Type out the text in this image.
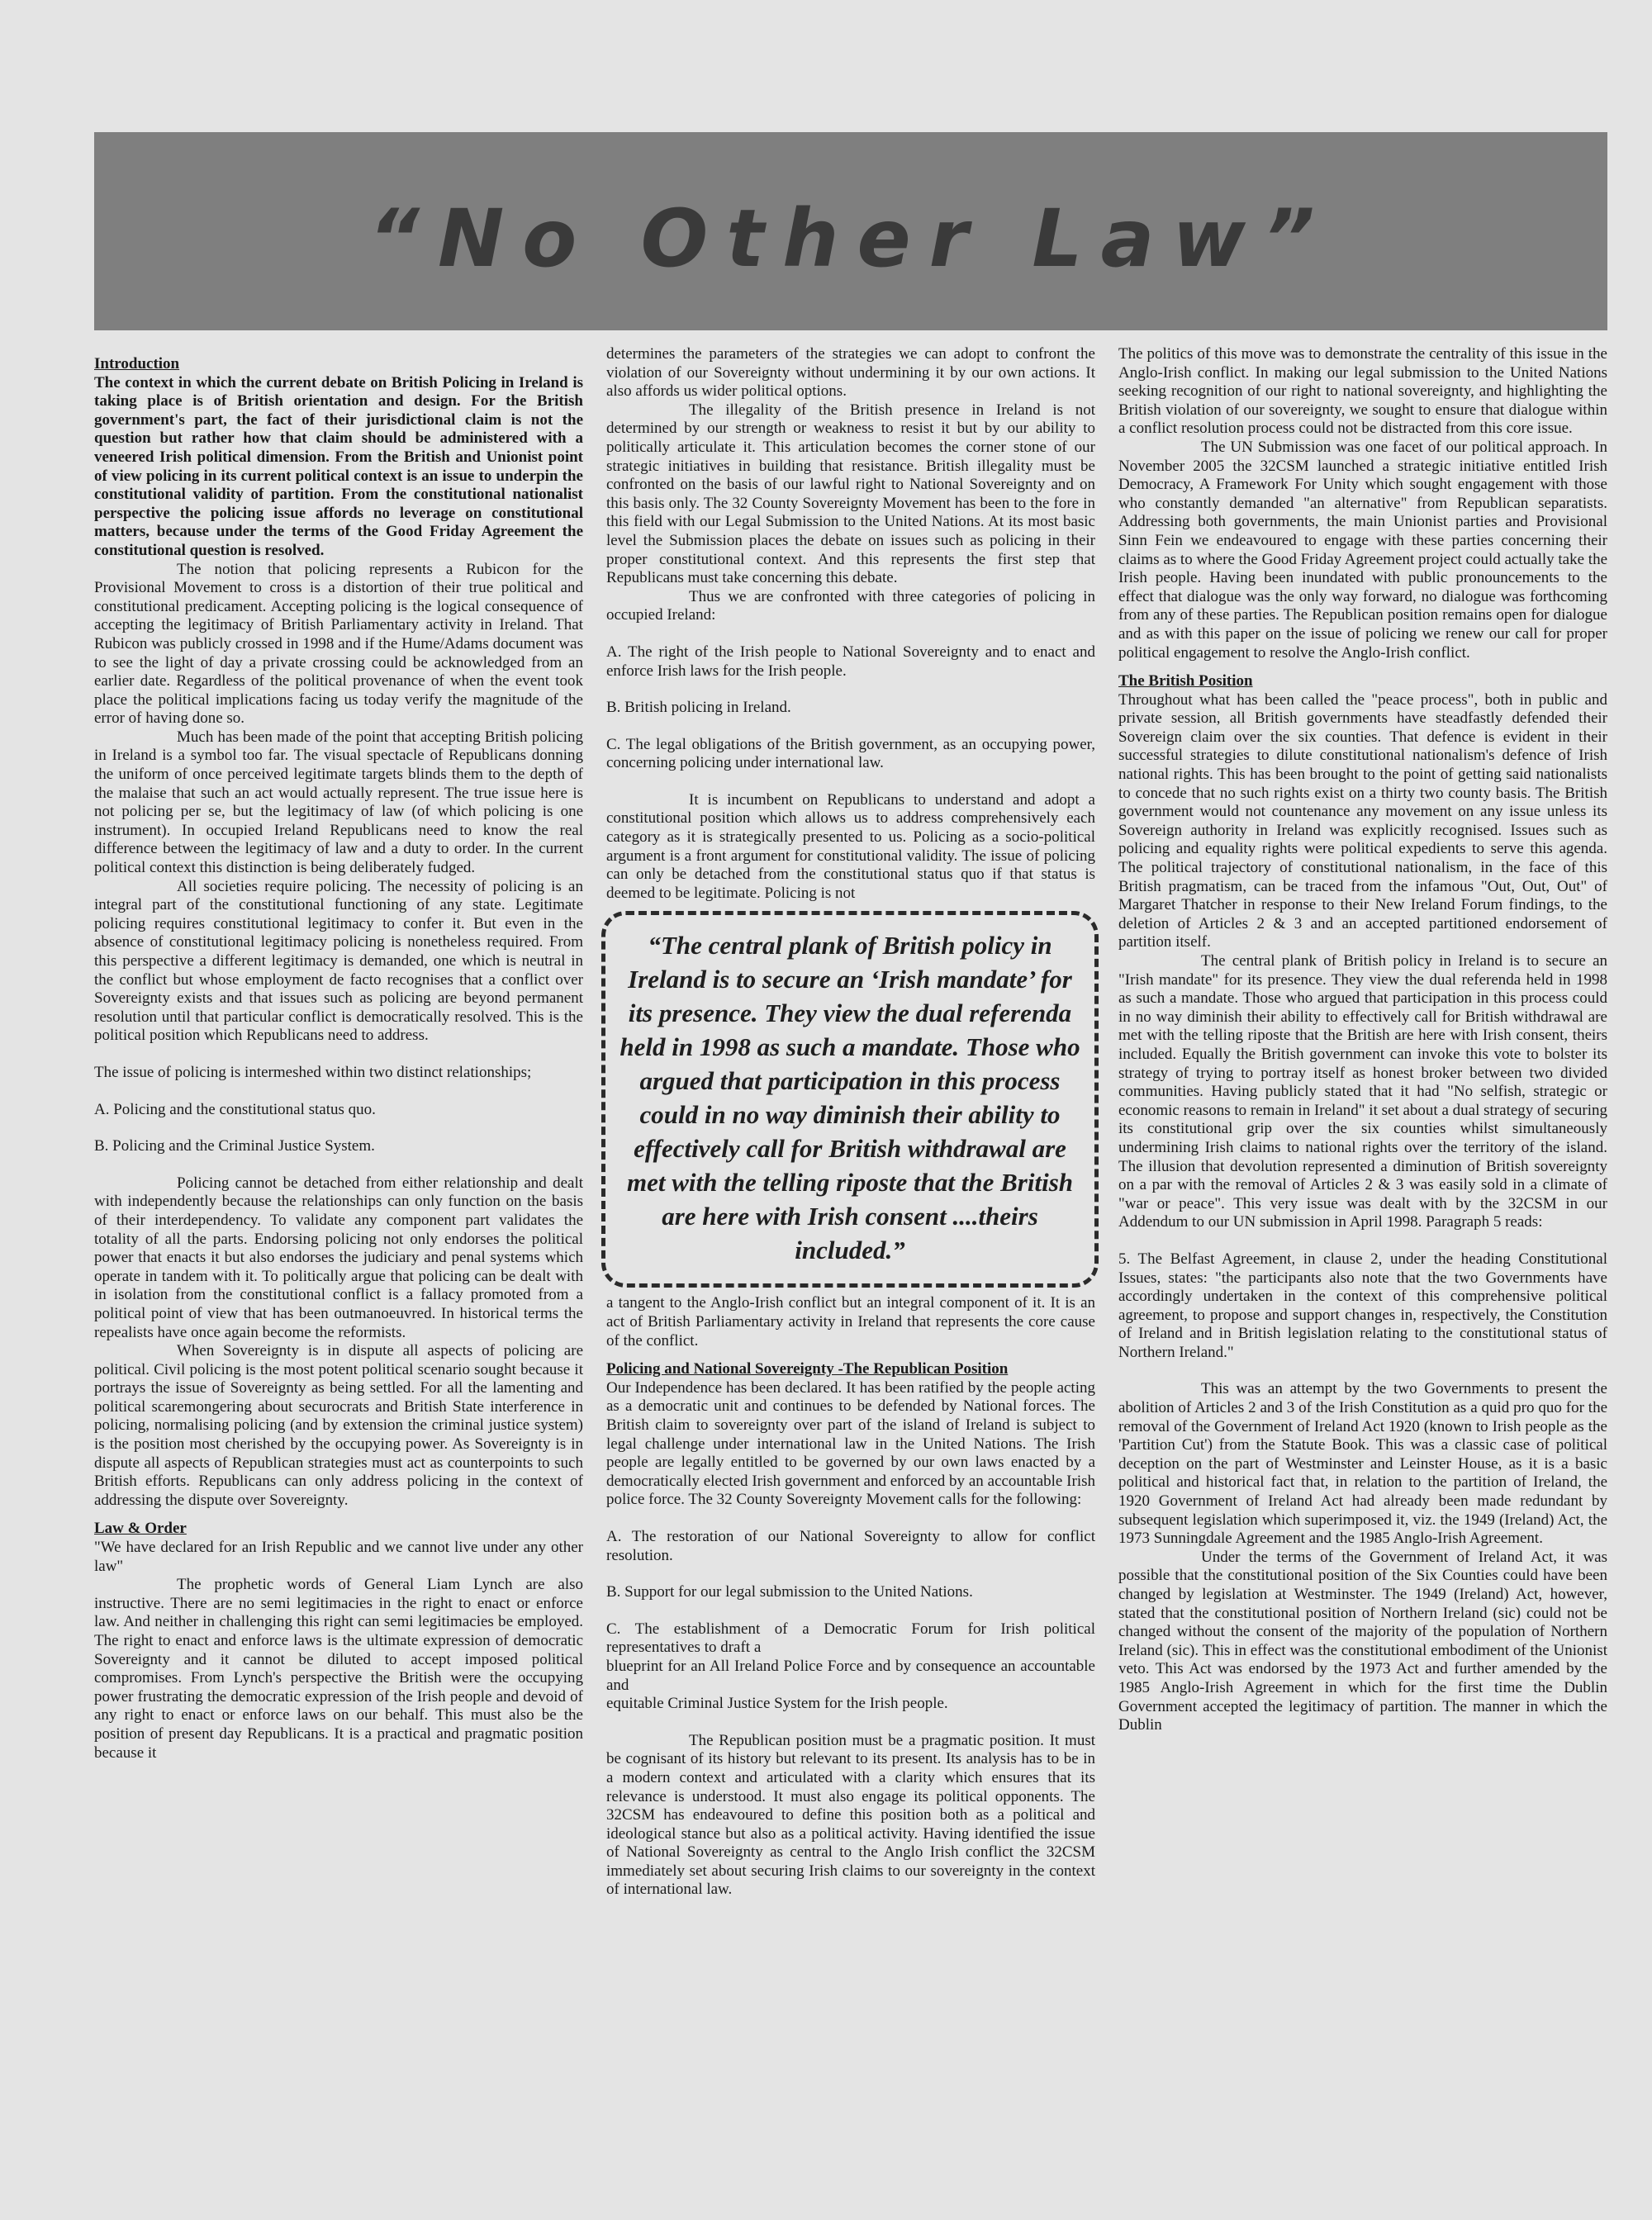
“No Other Law”

Introduction

The context in which the current debate on British Policing in Ireland is taking place is of British orientation and design. For the British government's part, the fact of their jurisdictional claim is not the question but rather how that claim should be administered with a veneered Irish political dimension. From the British and Unionist point of view policing in its current political context is an issue to underpin the constitutional validity of partition. From the constitutional nationalist perspective the policing issue affords no leverage on constitutional matters, because under the terms of the Good Friday Agreement the constitutional question is resolved.

The notion that policing represents a Rubicon for the Provisional Movement to cross is a distortion of their true political and constitutional predicament. Accepting policing is the logical consequence of accepting the legitimacy of British Parliamentary activity in Ireland. That Rubicon was publicly crossed in 1998 and if the Hume/Adams document was to see the light of day a private crossing could be acknowledged from an earlier date. Regardless of the political provenance of when the event took place the political implications facing us today verify the magnitude of the error of having done so.

Much has been made of the point that accepting British policing in Ireland is a symbol too far. The visual spectacle of Republicans donning the uniform of once perceived legitimate targets blinds them to the depth of the malaise that such an act would actually represent. The true issue here is not policing per se, but the legitimacy of law (of which policing is one instrument). In occupied Ireland Republicans need to know the real difference between the legitimacy of law and a duty to order. In the current political context this distinction is being deliberately fudged.

All societies require policing. The necessity of policing is an integral part of the constitutional functioning of any state. Legitimate policing requires constitutional legitimacy to confer it. But even in the absence of constitutional legitimacy policing is nonetheless required. From this perspective a different legitimacy is demanded, one which is neutral in the conflict but whose employment de facto recognises that a conflict over Sovereignty exists and that issues such as policing are beyond permanent resolution until that particular conflict is democratically resolved. This is the political position which Republicans need to address.

The issue of policing is intermeshed within two distinct relationships;

A. Policing and the constitutional status quo.

B. Policing and the Criminal Justice System.

Policing cannot be detached from either relationship and dealt with independently because the relationships can only function on the basis of their interdependency. To validate any component part validates the totality of all the parts. Endorsing policing not only endorses the political power that enacts it but also endorses the judiciary and penal systems which operate in tandem with it. To politically argue that policing can be dealt with in isolation from the constitutional conflict is a fallacy promoted from a political point of view that has been outmanoeuvred. In historical terms the repealists have once again become the reformists.

When Sovereignty is in dispute all aspects of policing are political. Civil policing is the most potent political scenario sought because it portrays the issue of Sovereignty as being settled. For all the lamenting and political scaremongering about securocrats and British State interference in policing, normalising policing (and by extension the criminal justice system) is the position most cherished by the occupying power. As Sovereignty is in dispute all aspects of Republican strategies must act as counterpoints to such British efforts. Republicans can only address policing in the context of addressing the dispute over Sovereignty.

Law & Order

"We have declared for an Irish Republic and we cannot live under any other law"

The prophetic words of General Liam Lynch are also instructive. There are no semi legitimacies in the right to enact or enforce law. And neither in challenging this right can semi legitimacies be employed. The right to enact and enforce laws is the ultimate expression of democratic Sovereignty and it cannot be diluted to accept imposed political compromises. From Lynch's perspective the British were the occupying power frustrating the democratic expression of the Irish people and devoid of any right to enact or enforce laws on our behalf. This must also be the position of present day Republicans. It is a practical and pragmatic position because it

determines the parameters of the strategies we can adopt to confront the violation of our Sovereignty without undermining it by our own actions. It also affords us wider political options.

The illegality of the British presence in Ireland is not determined by our strength or weakness to resist it but by our ability to politically articulate it. This articulation becomes the corner stone of our strategic initiatives in building that resistance. British illegality must be confronted on the basis of our lawful right to National Sovereignty and on this basis only. The 32 County Sovereignty Movement has been to the fore in this field with our Legal Submission to the United Nations. At its most basic level the Submission places the debate on issues such as policing in their proper constitutional context. And this represents the first step that Republicans must take concerning this debate.

Thus we are confronted with three categories of policing in occupied Ireland:

A. The right of the Irish people to National Sovereignty and to enact and enforce Irish laws for the Irish people.

B. British policing in Ireland.

C. The legal obligations of the British government, as an occupying power, concerning policing under international law.

It is incumbent on Republicans to understand and adopt a constitutional position which allows us to address comprehensively each category as it is strategically presented to us. Policing as a socio-political argument is a front argument for constitutional validity. The issue of policing can only be detached from the constitutional status quo if that status is deemed to be legitimate. Policing is not

“The central plank of British policy in Ireland is to secure an ‘Irish mandate’ for its presence. They view the dual referenda held in 1998 as such a mandate. Those who argued that participation in this process could in no way diminish their ability to effectively call for British withdrawal are met with the telling riposte that the British are here with Irish consent ....theirs included.”

a tangent to the Anglo-Irish conflict but an integral component of it. It is an act of British Parliamentary activity in Ireland that represents the core cause of the conflict.

Policing and National Sovereignty -The Republican Position

Our Independence has been declared. It has been ratified by the people acting as a democratic unit and continues to be defended by National forces. The British claim to sovereignty over part of the island of Ireland is subject to legal challenge under international law in the United Nations. The Irish people are legally entitled to be governed by our own laws enacted by a democratically elected Irish government and enforced by an accountable Irish police force. The 32 County Sovereignty Movement calls for the following:

A. The restoration of our National Sovereignty to allow for conflict resolution.

B. Support for our legal submission to the United Nations.

C. The establishment of a Democratic Forum for Irish political representatives to draft a

blueprint for an All Ireland Police Force and by consequence an accountable and

equitable Criminal Justice System for the Irish people.

The Republican position must be a pragmatic position. It must be cognisant of its history but relevant to its present. Its analysis has to be in a modern context and articulated with a clarity which ensures that its relevance is understood. It must also engage its political opponents. The 32CSM has endeavoured to define this position both as a political and ideological stance but also as a political activity. Having identified the issue of National Sovereignty as central to the Anglo Irish conflict the 32CSM immediately set about securing Irish claims to our sovereignty in the context of international law.

The politics of this move was to demonstrate the centrality of this issue in the Anglo-Irish conflict. In making our legal submission to the United Nations seeking recognition of our right to national sovereignty, and highlighting the British violation of our sovereignty, we sought to ensure that dialogue within a conflict resolution process could not be distracted from this core issue.

The UN Submission was one facet of our political approach. In November 2005 the 32CSM launched a strategic initiative entitled Irish Democracy, A Framework For Unity which sought engagement with those who constantly demanded "an alternative" from Republican separatists. Addressing both governments, the main Unionist parties and Provisional Sinn Fein we endeavoured to engage with these parties concerning their claims as to where the Good Friday Agreement project could actually take the Irish people. Having been inundated with public pronouncements to the effect that dialogue was the only way forward, no dialogue was forthcoming from any of these parties. The Republican position remains open for dialogue and as with this paper on the issue of policing we renew our call for proper political engagement to resolve the Anglo-Irish conflict.

The British Position

Throughout what has been called the "peace process", both in public and private session, all British governments have steadfastly defended their Sovereign claim over the six counties. That defence is evident in their successful strategies to dilute constitutional nationalism's defence of Irish national rights. This has been brought to the point of getting said nationalists to concede that no such rights exist on a thirty two county basis. The British government would not countenance any movement on any issue unless its Sovereign authority in Ireland was explicitly recognised. Issues such as policing and equality rights were political expedients to serve this agenda. The political trajectory of constitutional nationalism, in the face of this British pragmatism, can be traced from the infamous "Out, Out, Out" of Margaret Thatcher in response to their New Ireland Forum findings, to the deletion of Articles 2 & 3 and an accepted partitioned endorsement of partition itself.

The central plank of British policy in Ireland is to secure an "Irish mandate" for its presence. They view the dual referenda held in 1998 as such a mandate. Those who argued that participation in this process could in no way diminish their ability to effectively call for British withdrawal are met with the telling riposte that the British are here with Irish consent, theirs included. Equally the British government can invoke this vote to bolster its strategy of trying to portray itself as honest broker between two divided communities. Having publicly stated that it had "No selfish, strategic or economic reasons to remain in Ireland" it set about a dual strategy of securing its constitutional grip over the six counties whilst simultaneously undermining Irish claims to national rights over the territory of the island. The illusion that devolution represented a diminution of British sovereignty on a par with the removal of Articles 2 & 3 was easily sold in a climate of "war or peace". This very issue was dealt with by the 32CSM in our Addendum to our UN submission in April 1998. Paragraph 5 reads:

5. The Belfast Agreement, in clause 2, under the heading Constitutional Issues, states: "the participants also note that the two Governments have accordingly undertaken in the context of this comprehensive political agreement, to propose and support changes in, respectively, the Constitution of Ireland and in British legislation relating to the constitutional status of Northern Ireland."

This was an attempt by the two Governments to present the abolition of Articles 2 and 3 of the Irish Constitution as a quid pro quo for the removal of the Government of Ireland Act 1920 (known to Irish people as the 'Partition Cut') from the Statute Book. This was a classic case of political deception on the part of Westminster and Leinster House, as it is a basic political and historical fact that, in relation to the partition of Ireland, the 1920 Government of Ireland Act had already been made redundant by subsequent legislation which superimposed it, viz. the 1949 (Ireland) Act, the 1973 Sunningdale Agreement and the 1985 Anglo-Irish Agreement.

Under the terms of the Government of Ireland Act, it was possible that the constitutional position of the Six Counties could have been changed by legislation at Westminster. The 1949 (Ireland) Act, however, stated that the constitutional position of Northern Ireland (sic) could not be changed without the consent of the majority of the population of Northern Ireland (sic). This in effect was the constitutional embodiment of the Unionist veto. This Act was endorsed by the 1973 Act and further amended by the 1985 Anglo-Irish Agreement in which for the first time the Dublin Government accepted the legitimacy of partition. The manner in which the Dublin
